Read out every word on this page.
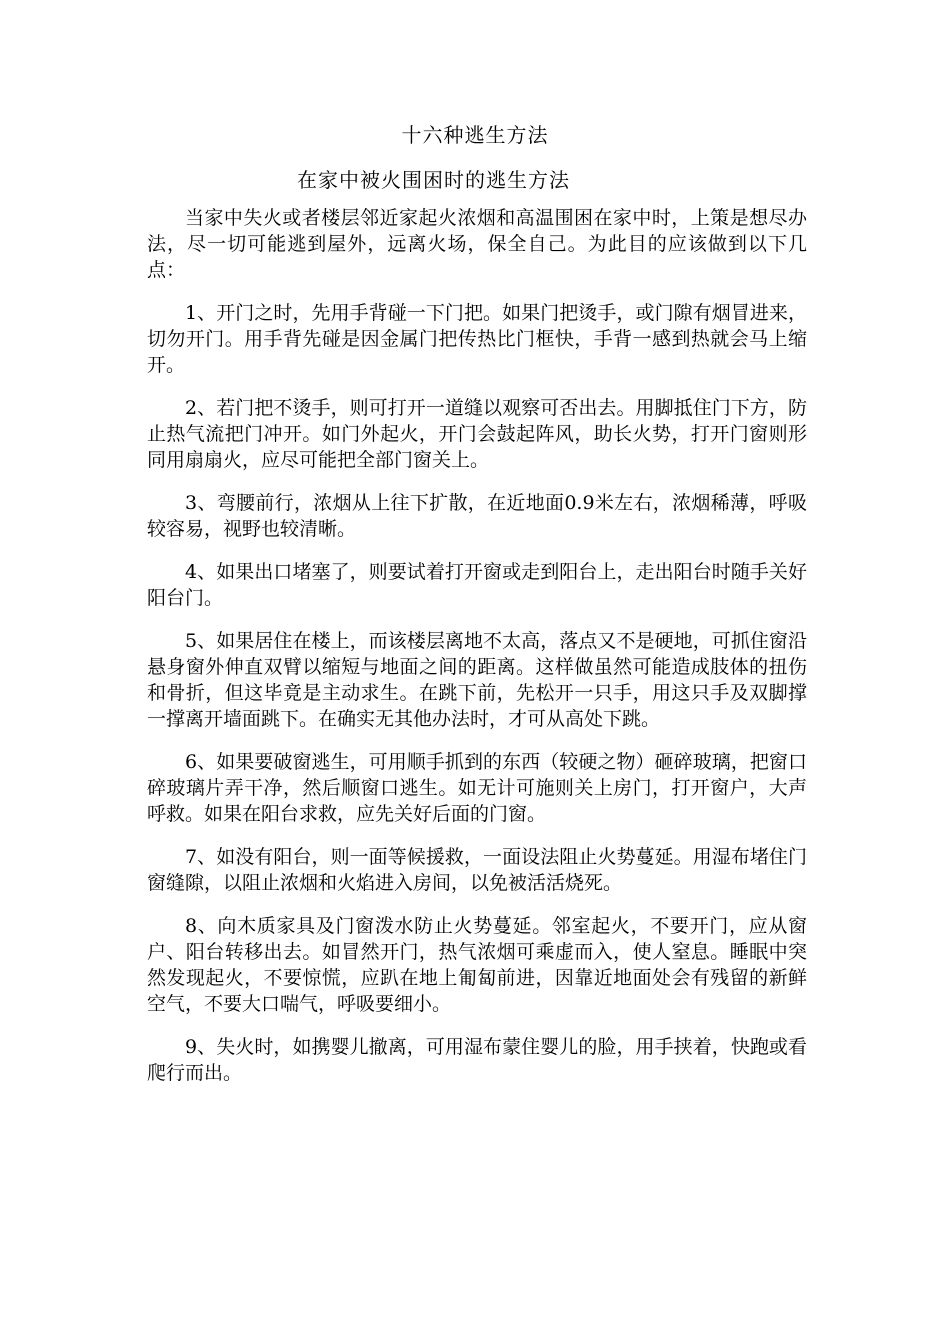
十六种逃生方法
在家中被火围困时的逃生方法

当家中失火或者楼层邻近家起火浓烟和高温围困在家中时，上策是想尽办法，尽一切可能逃到屋外，远离火场，保全自己。为此目的应该做到以下几点：

1、开门之时，先用手背碰一下门把。如果门把烫手，或门隙有烟冒进来，切勿开门。用手背先碰是因金属门把传热比门框快，手背一感到热就会马上缩开。

2、若门把不烫手，则可打开一道缝以观察可否出去。用脚抵住门下方，防止热气流把门冲开。如门外起火，开门会鼓起阵风，助长火势，打开门窗则形同用扇扇火，应尽可能把全部门窗关上。

3、弯腰前行，浓烟从上往下扩散，在近地面0.9米左右，浓烟稀薄，呼吸较容易，视野也较清晰。

4、如果出口堵塞了，则要试着打开窗或走到阳台上，走出阳台时随手关好阳台门。

5、如果居住在楼上，而该楼层离地不太高，落点又不是硬地，可抓住窗沿悬身窗外伸直双臂以缩短与地面之间的距离。这样做虽然可能造成肢体的扭伤和骨折，但这毕竟是主动求生。在跳下前，先松开一只手，用这只手及双脚撑一撑离开墙面跳下。在确实无其他办法时，才可从高处下跳。

6、如果要破窗逃生，可用顺手抓到的东西（较硬之物）砸碎玻璃，把窗口碎玻璃片弄干净，然后顺窗口逃生。如无计可施则关上房门，打开窗户，大声呼救。如果在阳台求救，应先关好后面的门窗。

7、如没有阳台，则一面等候援救，一面设法阻止火势蔓延。用湿布堵住门窗缝隙，以阻止浓烟和火焰进入房间，以免被活活烧死。

8、向木质家具及门窗泼水防止火势蔓延。邻室起火，不要开门，应从窗户、阳台转移出去。如冒然开门，热气浓烟可乘虚而入，使人窒息。睡眠中突然发现起火，不要惊慌，应趴在地上匍匐前进，因靠近地面处会有残留的新鲜空气，不要大口喘气，呼吸要细小。

9、失火时，如携婴儿撤离，可用湿布蒙住婴儿的脸，用手挟着，快跑或看爬行而出。
